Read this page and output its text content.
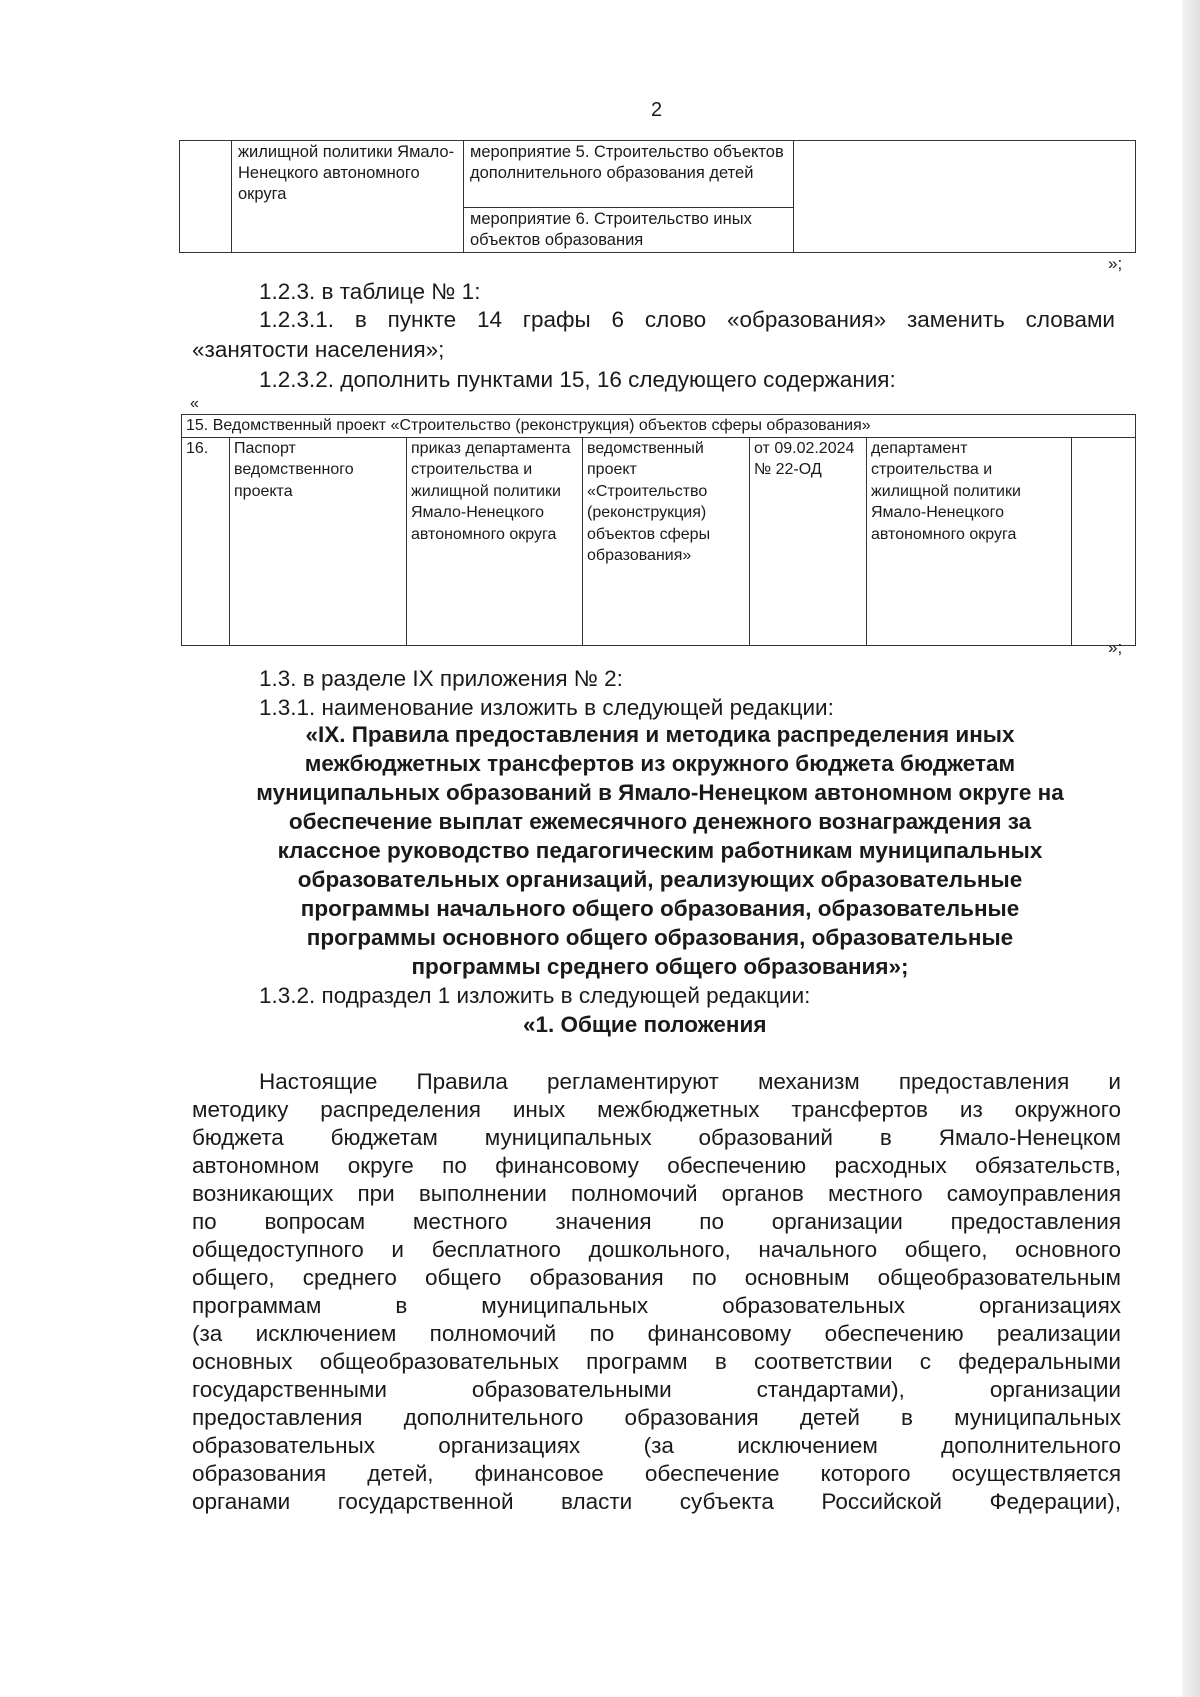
2
	жилищной политики Ямало-Ненецкого автономного округа	мероприятие 5. Строительство объектов дополнительного образования детей	
мероприятие 6. Строительство иных объектов образования
»;
1.2.3. в таблице № 1:
1.2.3.1. в пункте 14 графы 6 слово «образования» заменить словами
«занятости населения»;
1.2.3.2. дополнить пунктами 15, 16 следующего содержания:
«
15. Ведомственный проект «Строительство (реконструкция) объектов сферы образования»
16.	Паспорт ведомственного проекта	приказ департамента строительства и жилищной политики Ямало-Ненецкого автономного округа	ведомственный проект «Строительство (реконструкция) объектов сферы образования»	от 09.02.2024 № 22-ОД	департамент строительства и жилищной политики Ямало-Ненецкого автономного округа	
»;
1.3. в разделе IX приложения № 2:
1.3.1. наименование изложить в следующей редакции:
«IX. Правила предоставления и методика распределения иных
межбюджетных трансфертов из окружного бюджета бюджетам
муниципальных образований в Ямало-Ненецком автономном округе на
обеспечение выплат ежемесячного денежного вознаграждения за
классное руководство педагогическим работникам муниципальных
образовательных организаций, реализующих образовательные
программы начального общего образования, образовательные
программы основного общего образования, образовательные
программы среднего общего образования»;
1.3.2. подраздел 1 изложить в следующей редакции:
«1. Общие положения
Настоящие Правила регламентируют механизм предоставления и
методику распределения иных межбюджетных трансфертов из окружного
бюджета бюджетам муниципальных образований в Ямало-Ненецком
автономном округе по финансовому обеспечению расходных обязательств,
возникающих при выполнении полномочий органов местного самоуправления
по вопросам местного значения по организации предоставления
общедоступного и бесплатного дошкольного, начального общего, основного
общего, среднего общего образования по основным общеобразовательным
программам в муниципальных образовательных организациях
(за исключением полномочий по финансовому обеспечению реализации
основных общеобразовательных программ в соответствии с федеральными
государственными образовательными стандартами), организации
предоставления дополнительного образования детей в муниципальных
образовательных организациях (за исключением дополнительного
образования детей, финансовое обеспечение которого осуществляется
органами государственной власти субъекта Российской Федерации),
